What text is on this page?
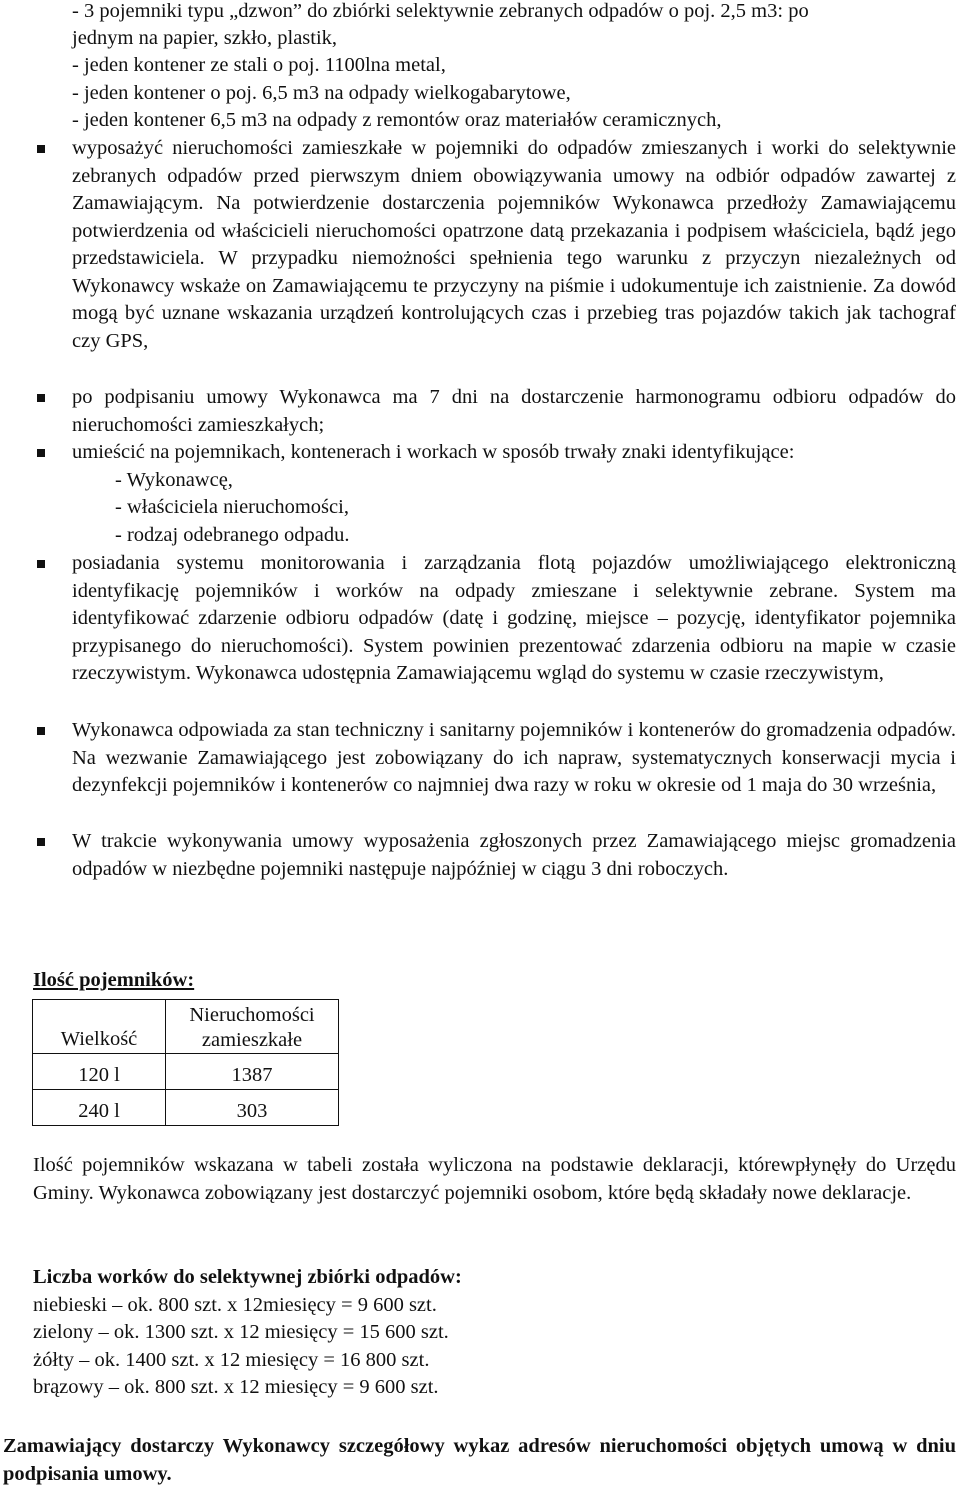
- 3 pojemniki typu „dzwon” do zbiórki selektywnie zebranych odpadów o poj. 2,5 m3: po
jednym na papier, szkło, plastik,
- jeden kontener ze stali o poj. 1100lna metal,
- jeden kontener o poj. 6,5 m3 na odpady wielkogabarytowe,
- jeden kontener 6,5 m3 na odpady z remontów oraz materiałów ceramicznych,
wyposażyć nieruchomości zamieszkałe w pojemniki do odpadów zmieszanych i worki do selektywnie zebranych odpadów przed pierwszym dniem obowiązywania umowy na odbiór odpadów zawartej z Zamawiającym. Na potwierdzenie dostarczenia pojemników Wykonawca przedłoży Zamawiającemu potwierdzenia od właścicieli nieruchomości opatrzone datą przekazania i podpisem właściciela, bądź jego przedstawiciela. W przypadku niemożności spełnienia tego warunku z przyczyn niezależnych od Wykonawcy wskaże on Zamawiającemu te przyczyny na piśmie i udokumentuje ich zaistnienie. Za dowód mogą być uznane wskazania urządzeń kontrolujących czas i przebieg tras pojazdów takich jak tachograf czy GPS,
po podpisaniu umowy Wykonawca ma 7 dni na dostarczenie harmonogramu odbioru odpadów do nieruchomości zamieszkałych;
umieścić na pojemnikach, kontenerach i workach w sposób trwały znaki identyfikujące:
- Wykonawcę,
- właściciela nieruchomości,
- rodzaj odebranego odpadu.
posiadania systemu monitorowania i zarządzania flotą pojazdów umożliwiającego elektroniczną identyfikację pojemników i worków na odpady zmieszane i selektywnie zebrane. System ma identyfikować zdarzenie odbioru odpadów (datę i godzinę, miejsce – pozycję, identyfikator pojemnika przypisanego do nieruchomości). System powinien prezentować zdarzenia odbioru na mapie w czasie rzeczywistym. Wykonawca udostępnia Zamawiającemu wgląd do systemu w czasie rzeczywistym,
Wykonawca odpowiada za stan techniczny i sanitarny pojemników i kontenerów do gromadzenia odpadów. Na wezwanie Zamawiającego jest zobowiązany do ich napraw, systematycznych konserwacji mycia i dezynfekcji pojemników i kontenerów co najmniej dwa razy w roku w okresie od 1 maja do 30 września,
W trakcie wykonywania umowy wyposażenia zgłoszonych przez Zamawiającego miejsc gromadzenia odpadów w niezbędne pojemniki następuje najpóźniej w ciągu 3 dni roboczych.
Ilość pojemników:
Wielkość	Nieruchomości zamieszkałe
120 l	1387
240 l	303
Ilość pojemników wskazana w tabeli została wyliczona na podstawie deklaracji, którewpłynęły do Urzędu Gminy. Wykonawca zobowiązany jest dostarczyć pojemniki osobom, które będą składały nowe deklaracje.
Liczba worków do selektywnej zbiórki odpadów:
niebieski – ok. 800 szt. x 12miesięcy = 9 600 szt.
zielony – ok. 1300 szt. x 12 miesięcy = 15 600 szt.
żółty – ok. 1400 szt. x 12 miesięcy = 16 800 szt.
brązowy – ok. 800 szt. x 12 miesięcy = 9 600 szt.
Zamawiający dostarczy Wykonawcy szczegółowy wykaz adresów nieruchomości objętych umową w dniu podpisania umowy.
